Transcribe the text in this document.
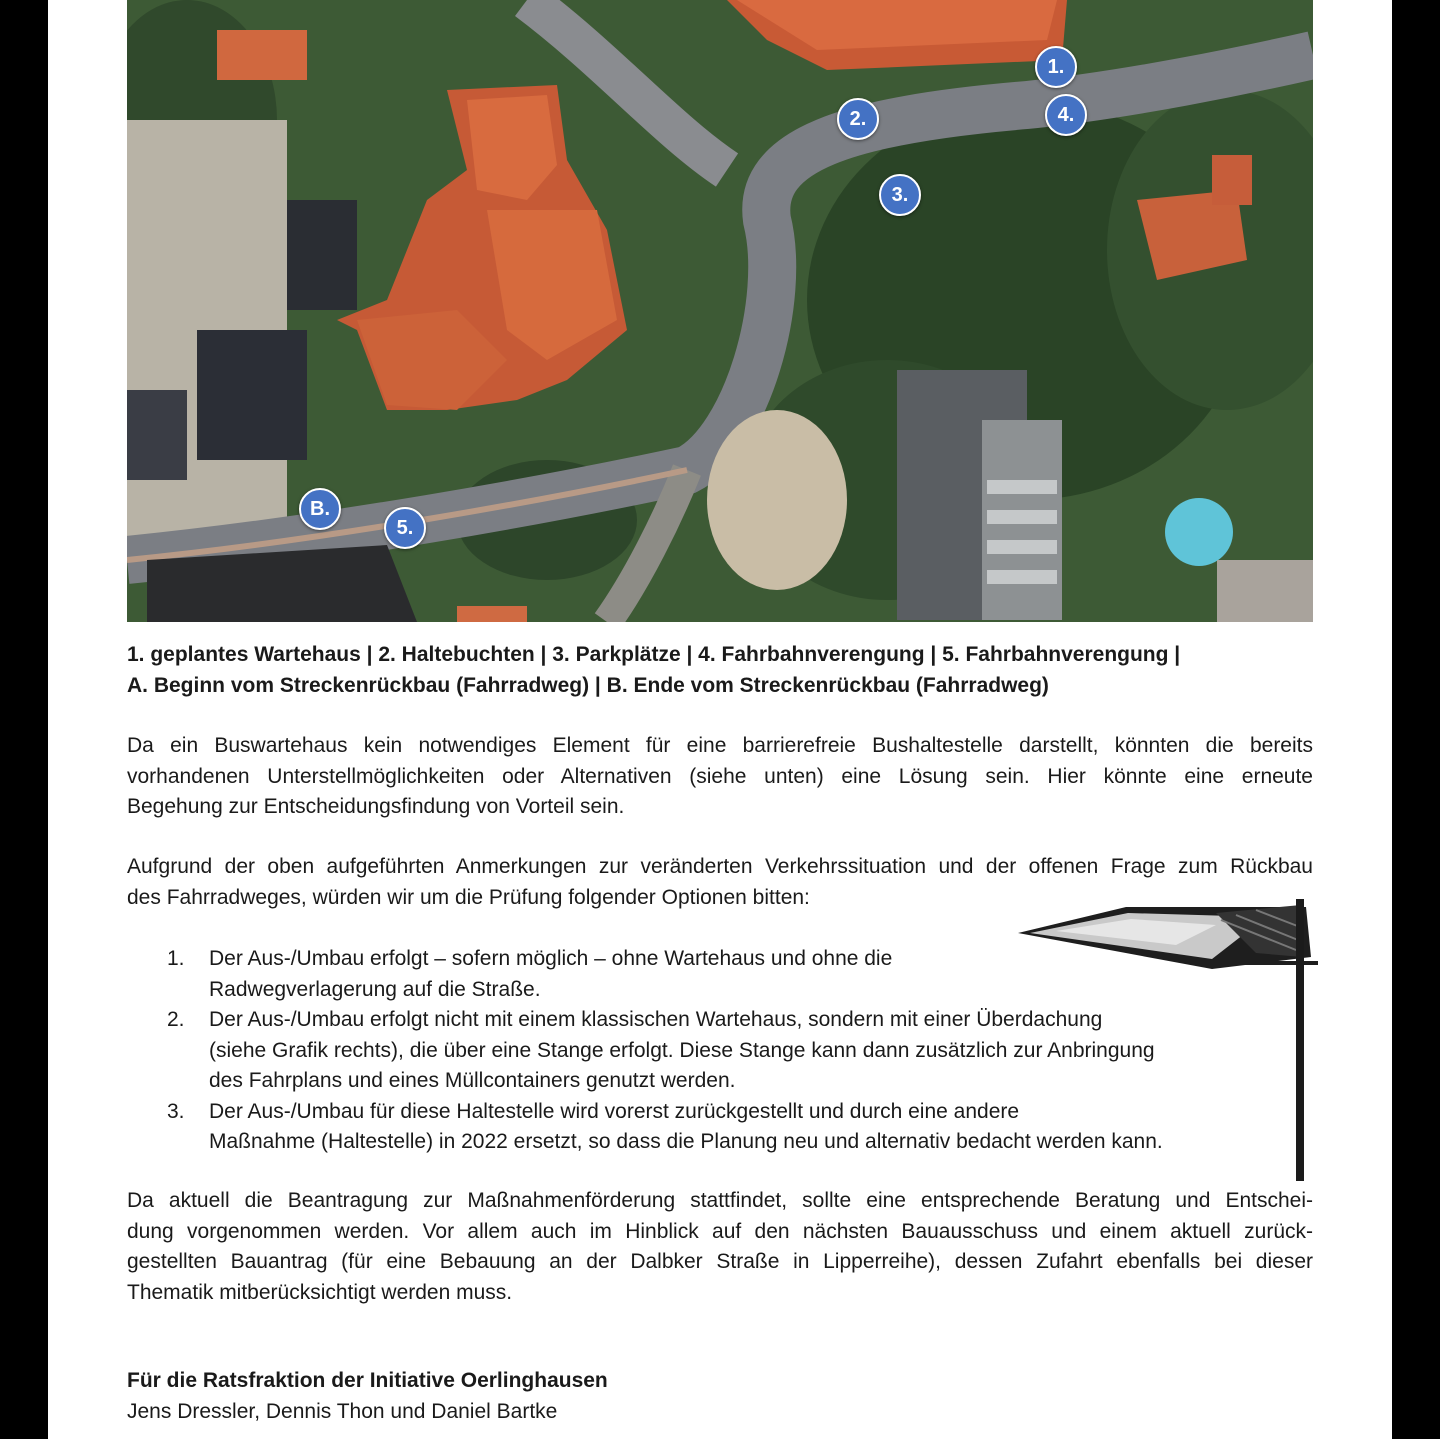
1.
2.
3.
4.
5.
B.
1. geplantes Wartehaus | 2. Haltebuchten | 3. Parkplätze | 4. Fahrbahnverengung | 5. Fahrbahnverengung |
A. Beginn vom Streckenrückbau (Fahrradweg) | B. Ende vom Streckenrückbau (Fahrradweg)
Da ein Buswartehaus kein notwendiges Element für eine barrierefreie Bushaltestelle darstellt, könnten die bereits
vorhandenen Unterstellmöglichkeiten oder Alternativen (siehe unten) eine Lösung sein. Hier könnte eine erneute
Begehung zur Entscheidungsfindung von Vorteil sein.
Aufgrund der oben aufgeführten Anmerkungen zur veränderten Verkehrssituation und der offenen Frage zum Rückbau
des Fahrradweges, würden wir um die Prüfung folgender Optionen bitten:
1. Der Aus-/Umbau erfolgt – sofern möglich – ohne Wartehaus und ohne die
Radwegverlagerung auf die Straße.
2. Der Aus-/Umbau erfolgt nicht mit einem klassischen Wartehaus, sondern mit einer Überdachung
(siehe Grafik rechts), die über eine Stange erfolgt. Diese Stange kann dann zusätzlich zur Anbringung
des Fahrplans und eines Müllcontainers genutzt werden.
3. Der Aus-/Umbau für diese Haltestelle wird vorerst zurückgestellt und durch eine andere
Maßnahme (Haltestelle) in 2022 ersetzt, so dass die Planung neu und alternativ bedacht werden kann.
Da aktuell die Beantragung zur Maßnahmenförderung stattfindet, sollte eine entsprechende Beratung und Entschei-
dung vorgenommen werden. Vor allem auch im Hinblick auf den nächsten Bauausschuss und einem aktuell zurück-
gestellten Bauantrag (für eine Bebauung an der Dalbker Straße in Lipperreihe), dessen Zufahrt ebenfalls bei dieser
Thematik mitberücksichtigt werden muss.
Für die Ratsfraktion der Initiative Oerlinghausen
Jens Dressler, Dennis Thon und Daniel Bartke
